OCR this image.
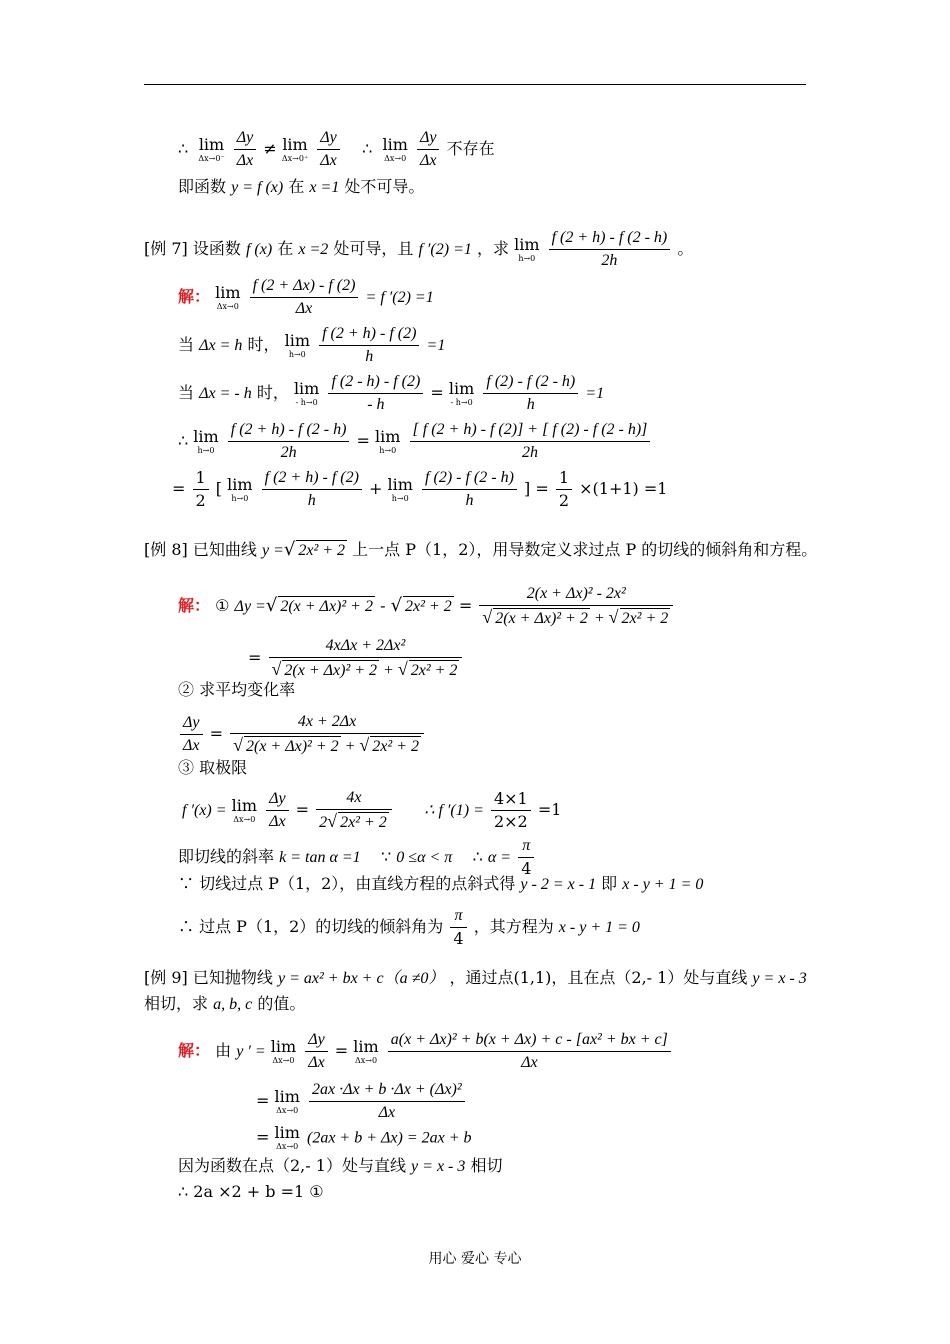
∴ lim
Δx→0⁻
$\frac{\Delta y}{\Delta x} \ne \lim$
Δx→0⁺
$\frac{\Delta y}{\Delta x}$ ∴ lim
Δx→0
$\frac{\Delta y}{\Delta x}$ 不存在
即函数 y = f (x) 在 x =1 处不可导。
[例 7] 设函数 f (x) 在 x =2 处可导，且 f ′(2) =1 ，求 lim
h→0
$\frac{f (2 + h) - f (2 - h)}{2h}$ 。
解： lim
Δx→0
$\frac{f (2 + \Delta x) - f (2)}{\Delta x} = f$ ′(2) =1
当 Δx = h 时， lim
h→0
$\frac{f (2 + h) - f (2)}{h} =1$
当 Δx = - h 时， lim
- h→0
$\frac{f (2 - h) - f (2)}{- h} = \lim$
- h→0
$\frac{f (2) - f (2 - h)}{h} =1$
∴ lim
h→0
$\frac{f (2 + h) - f (2 - h)}{2h} = \lim$
h→0
$\frac{[ f (2 + h) - f (2)] + [ f (2) - f (2 - h)]}{2h}$
= $\frac{1}{2}$ [ lim
h→0
$\frac{f (2 + h) - f (2)}{h} + \lim$
h→0
$\frac{f (2) - f (2 - h)}{h}$ ] = $\frac{1}{2} \times(1+1) =1$
[例 8] 已知曲线 y =√ 2x² + 2 上一点 P（1，2），用导数定义求过点 P 的切线的倾斜角和方程。
解： ① Δy =√ 2(x + Δx)² + 2 - √ $2x^2 + 2 = \frac{\text{2(x + Δx)² - 2x²}}{\text{√ 2(x + Δx)² + 2 + √ 2x² + 2}}$
= $\frac{\text{4xΔx + 2Δx²}}{\text{√ 2(x + Δx)² + 2 + √ 2x² + 2}}$
② 求平均变化率
$\frac{\Delta y}{\Delta x} = \frac{4x + 2\Delta x}{\text{√ 2(x + Δx)² + 2 + √ 2x² + 2}}$
③ 取极限
f ′(x) = lim
Δx→0
$\frac{\Delta y}{\Delta x} = \frac{4x}{\text{2√ 2x² + 2}}$ ∴ f $'(1) = \frac{4\times 1}{2\times 2} =1$
即切线的斜率 k = tan α =1 ∵ 0 ≤α < π ∴ $\alpha = \frac{\pi}{4}$
∵ 切线过点 P（1，2），由直线方程的点斜式得 y - 2 = x - 1 即 x - y + 1 = 0
∴ 过点 P（1，2）的切线的倾斜角为 $\frac{\pi}{4}$ ，其方程为 x - y + 1 = 0
[例 9] 已知抛物线 y = ax² + bx + c（a ≠0） ，通过点(1,1)，且在点（2,- 1）处与直线 y = x - 3
相切，求 a, b, c 的值。
解： 由 y ′ = lim
Δx→0
$\frac{\Delta y}{\Delta x} = \lim$
Δx→0
$\frac{\text{a(x + Δx)² + b(x + Δx) + c - [ax² + bx + c]}}{\Delta x}$
= lim
Δx→0
$\frac{\text{2ax ·Δx + b ·Δx + (Δx)²}}{\Delta x}$
= lim
Δx→0 (2ax + b + Δx) = 2ax + b
因为函数在点（2,- 1）处与直线 y = x - 3 相切
∴ 2a ×2 + b =1 ①
用心 爱心 专心
